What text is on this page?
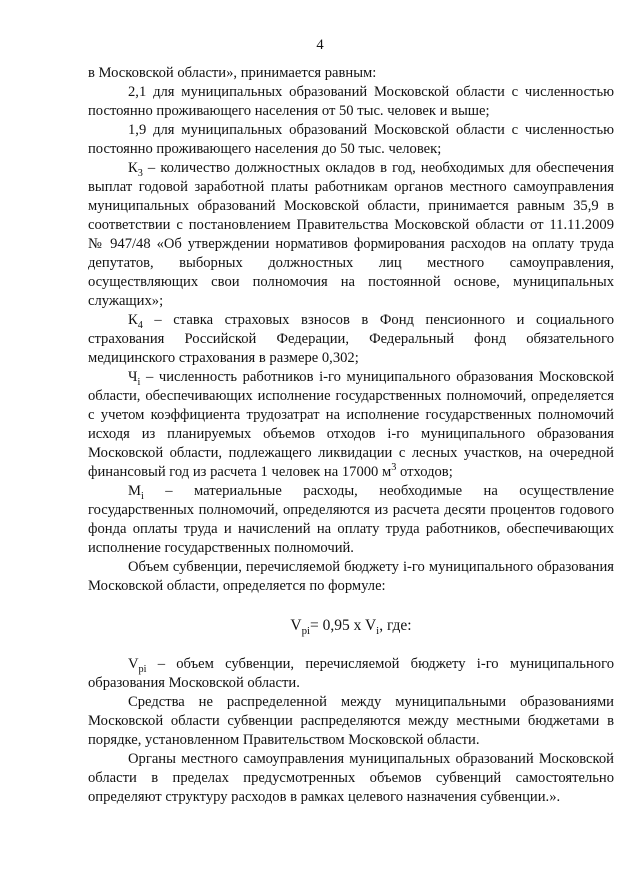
4

в Московской области», принимается равным:

2,1 для муниципальных образований Московской области с численностью постоянно проживающего населения от 50 тыс. человек и выше;

1,9 для муниципальных образований Московской области с численностью постоянно проживающего населения до 50 тыс. человек;

$К_3$ – количество должностных окладов в год, необходимых для обеспечения выплат годовой заработной платы работникам органов местного самоуправления муниципальных образований Московской области, принимается равным 35,9 в соответствии с постановлением Правительства Московской области от 11.11.2009 № 947/48 «Об утверждении нормативов формирования расходов на оплату труда депутатов, выборных должностных лиц местного самоуправления, осуществляющих свои полномочия на постоянной основе, муниципальных служащих»;

$К_4$ – ставка страховых взносов в Фонд пенсионного и социального страхования Российской Федерации, Федеральный фонд обязательного медицинского страхования в размере 0,302;

$Ч_i$ – численность работников i-го муниципального образования Московской области, обеспечивающих исполнение государственных полномочий, определяется с учетом коэффициента трудозатрат на исполнение государственных полномочий исходя из планируемых объемов отходов i-го муниципального образования Московской области, подлежащего ликвидации с лесных участков, на очередной финансовый год из расчета 1 человек на 17000 $м^3$ отходов;

$М_i$ – материальные расходы, необходимые на осуществление государственных полномочий, определяются из расчета десяти процентов годового фонда оплаты труда и начислений на оплату труда работников, обеспечивающих исполнение государственных полномочий.

Объем субвенции, перечисляемой бюджету i-го муниципального образования Московской области, определяется по формуле:

$V_{pi}= 0,95$ x $V_i$, где:

$V_{pi}$ – объем субвенции, перечисляемой бюджету i-го муниципального образования Московской области.

Средства не распределенной между муниципальными образованиями Московской области субвенции распределяются между местными бюджетами в порядке, установленном Правительством Московской области.

Органы местного самоуправления муниципальных образований Московской области в пределах предусмотренных объемов субвенций самостоятельно определяют структуру расходов в рамках целевого назначения субвенции.».
